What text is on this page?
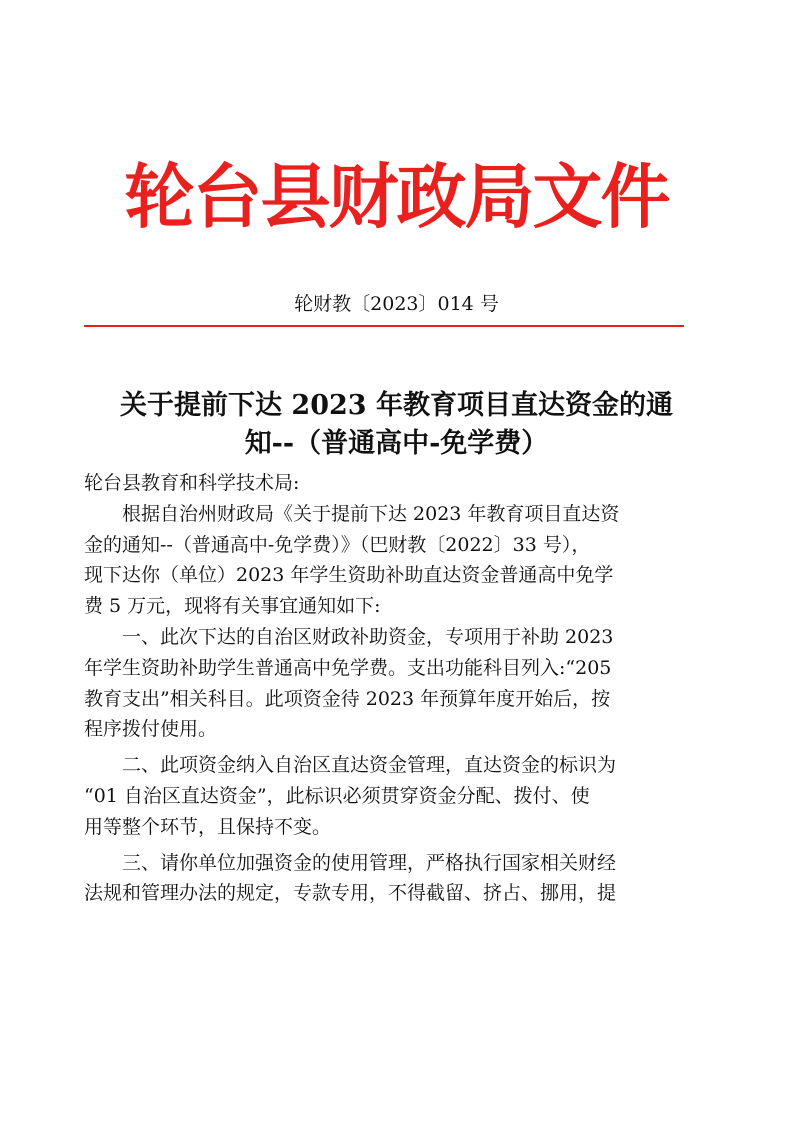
轮台县财政局文件
轮财教〔2023〕014 号
关于提前下达 2023 年教育项目直达资金的通
知--（普通高中-免学费）
轮台县教育和科学技术局:
根据自治州财政局《关于提前下达 2023 年教育项目直达资
金的通知--（普通高中-免学费）》（巴财教〔2022〕33 号），
现下达你（单位）2023 年学生资助补助直达资金普通高中免学
费 5 万元，现将有关事宜通知如下:
一、此次下达的自治区财政补助资金，专项用于补助 2023
年学生资助补助学生普通高中免学费。支出功能科目列入:“205
教育支出”相关科目。此项资金待 2023 年预算年度开始后，按
程序拨付使用。
二、此项资金纳入自治区直达资金管理，直达资金的标识为
“01 自治区直达资金”，此标识必须贯穿资金分配、拨付、使
用等整个环节，且保持不变。
三、请你单位加强资金的使用管理，严格执行国家相关财经
法规和管理办法的规定，专款专用，不得截留、挤占、挪用，提
